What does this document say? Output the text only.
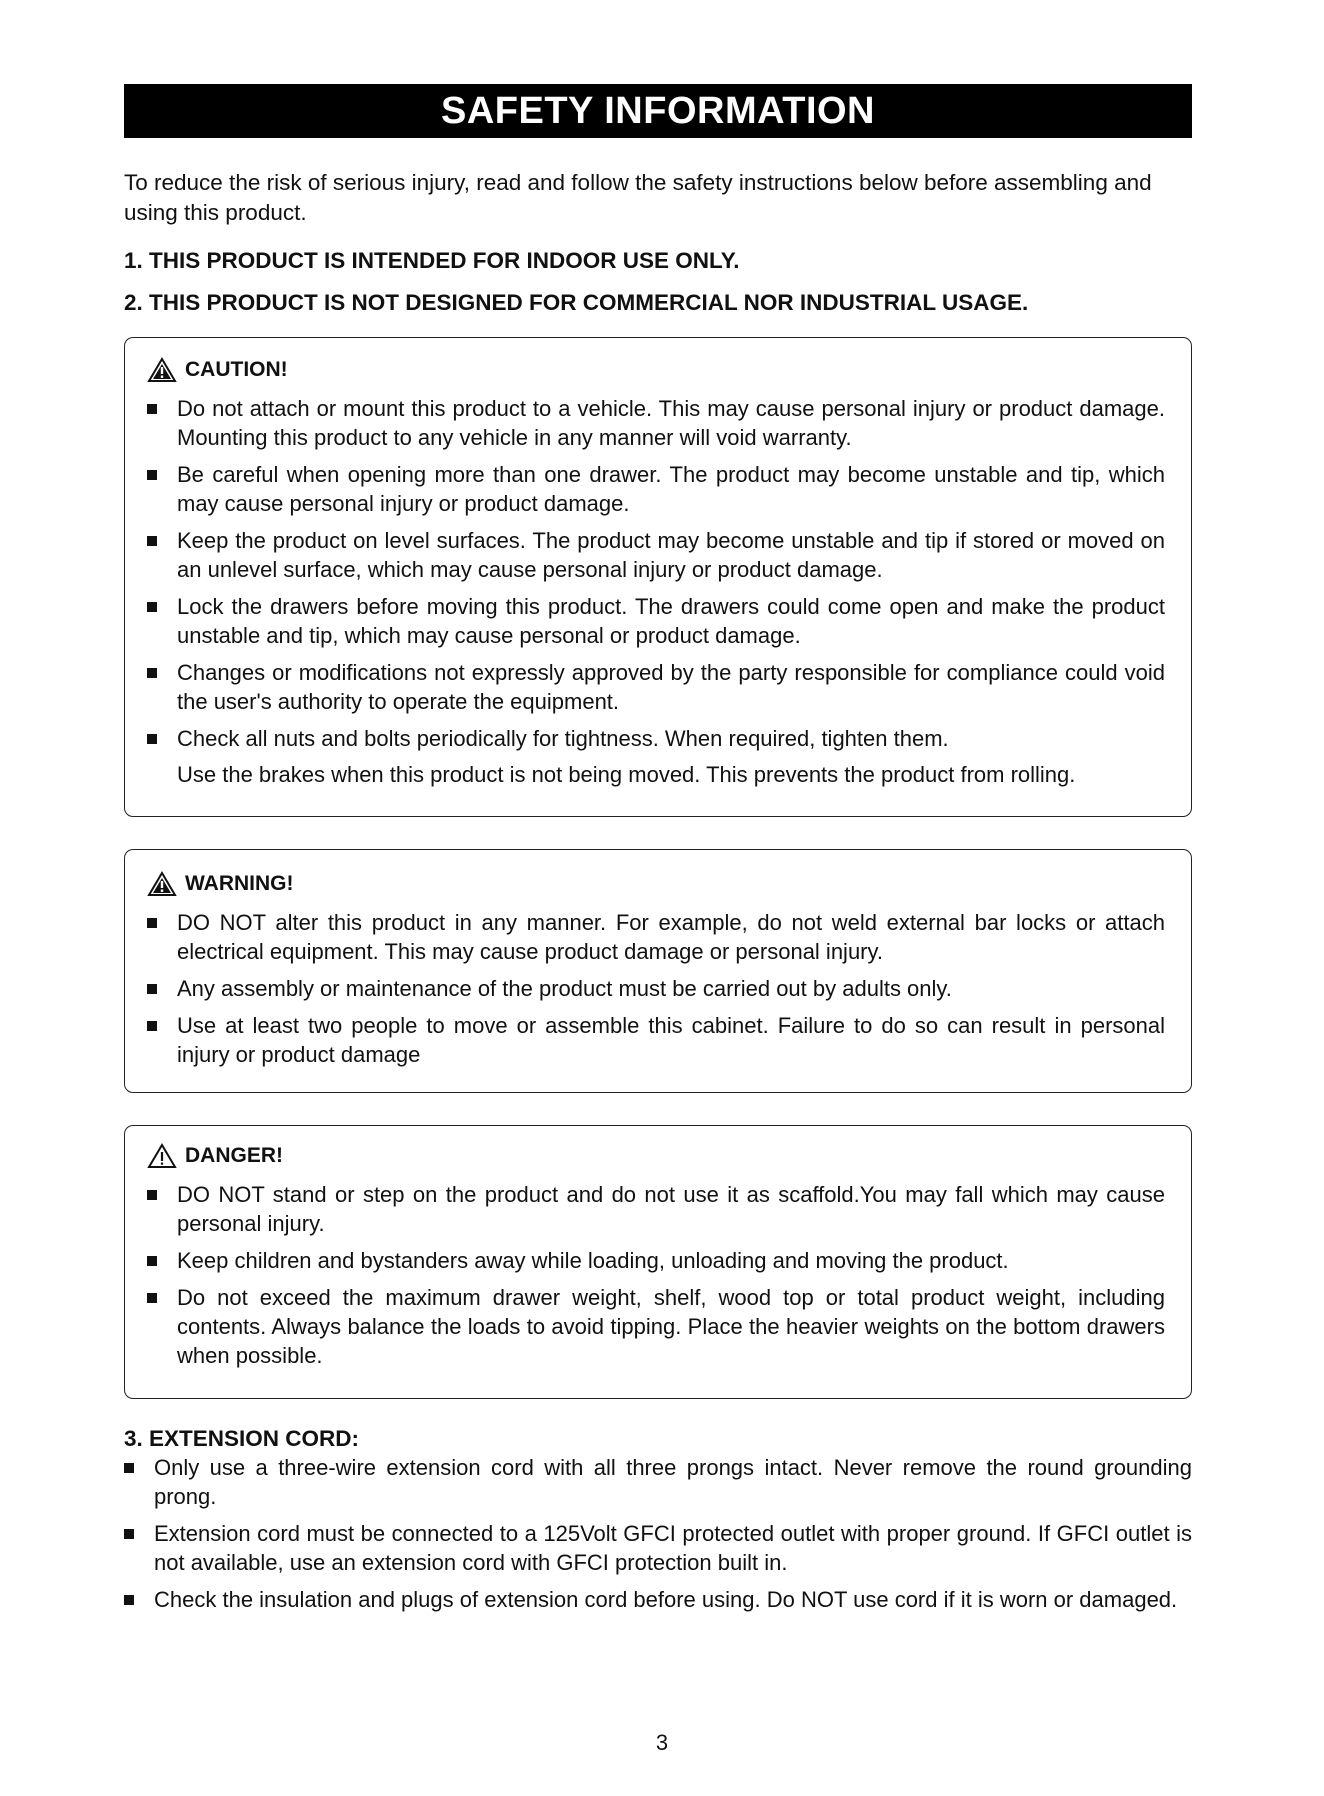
SAFETY INFORMATION
To reduce the risk of serious injury, read and follow the safety instructions below before assembling and using this product.
1. THIS PRODUCT IS INTENDED FOR INDOOR USE ONLY.
2. THIS PRODUCT IS NOT DESIGNED FOR COMMERCIAL NOR INDUSTRIAL USAGE.
CAUTION!
Do not attach or mount this product to a vehicle. This may cause personal injury or product damage. Mounting this product to any vehicle in any manner will void warranty.
Be careful when opening more than one drawer. The product may become unstable and tip, which may cause personal injury or product damage.
Keep the product on level surfaces. The product may become unstable and tip if stored or moved on an unlevel surface, which may cause personal injury or product damage.
Lock the drawers before moving this product. The drawers could come open and make the product unstable and tip, which may cause personal or product damage.
Changes or modifications not expressly approved by the party responsible for compliance could void the user's authority to operate the equipment.
Check all nuts and bolts periodically for tightness. When required, tighten them.
Use the brakes when this product is not being moved. This prevents the product from rolling.
WARNING!
DO NOT alter this product in any manner. For example, do not weld external bar locks or attach electrical equipment. This may cause product damage or personal injury.
Any assembly or maintenance of the product must be carried out by adults only.
Use at least two people to move or assemble this cabinet. Failure to do so can result in personal injury or product damage
DANGER!
DO NOT stand or step on the product and do not use it as scaffold.You may fall which may cause personal injury.
Keep children and bystanders away while loading, unloading and moving the product.
Do not exceed the maximum drawer weight, shelf, wood top or total product weight, including contents. Always balance the loads to avoid tipping. Place the heavier weights on the bottom drawers when possible.
3. EXTENSION CORD:
Only use a three-wire extension cord with all three prongs intact. Never remove the round grounding prong.
Extension cord must be connected to a 125Volt GFCI protected outlet with proper ground. If GFCI outlet is not available, use an extension cord with GFCI protection built in.
Check the insulation and plugs of extension cord before using. Do NOT use cord if it is worn or damaged.
3
